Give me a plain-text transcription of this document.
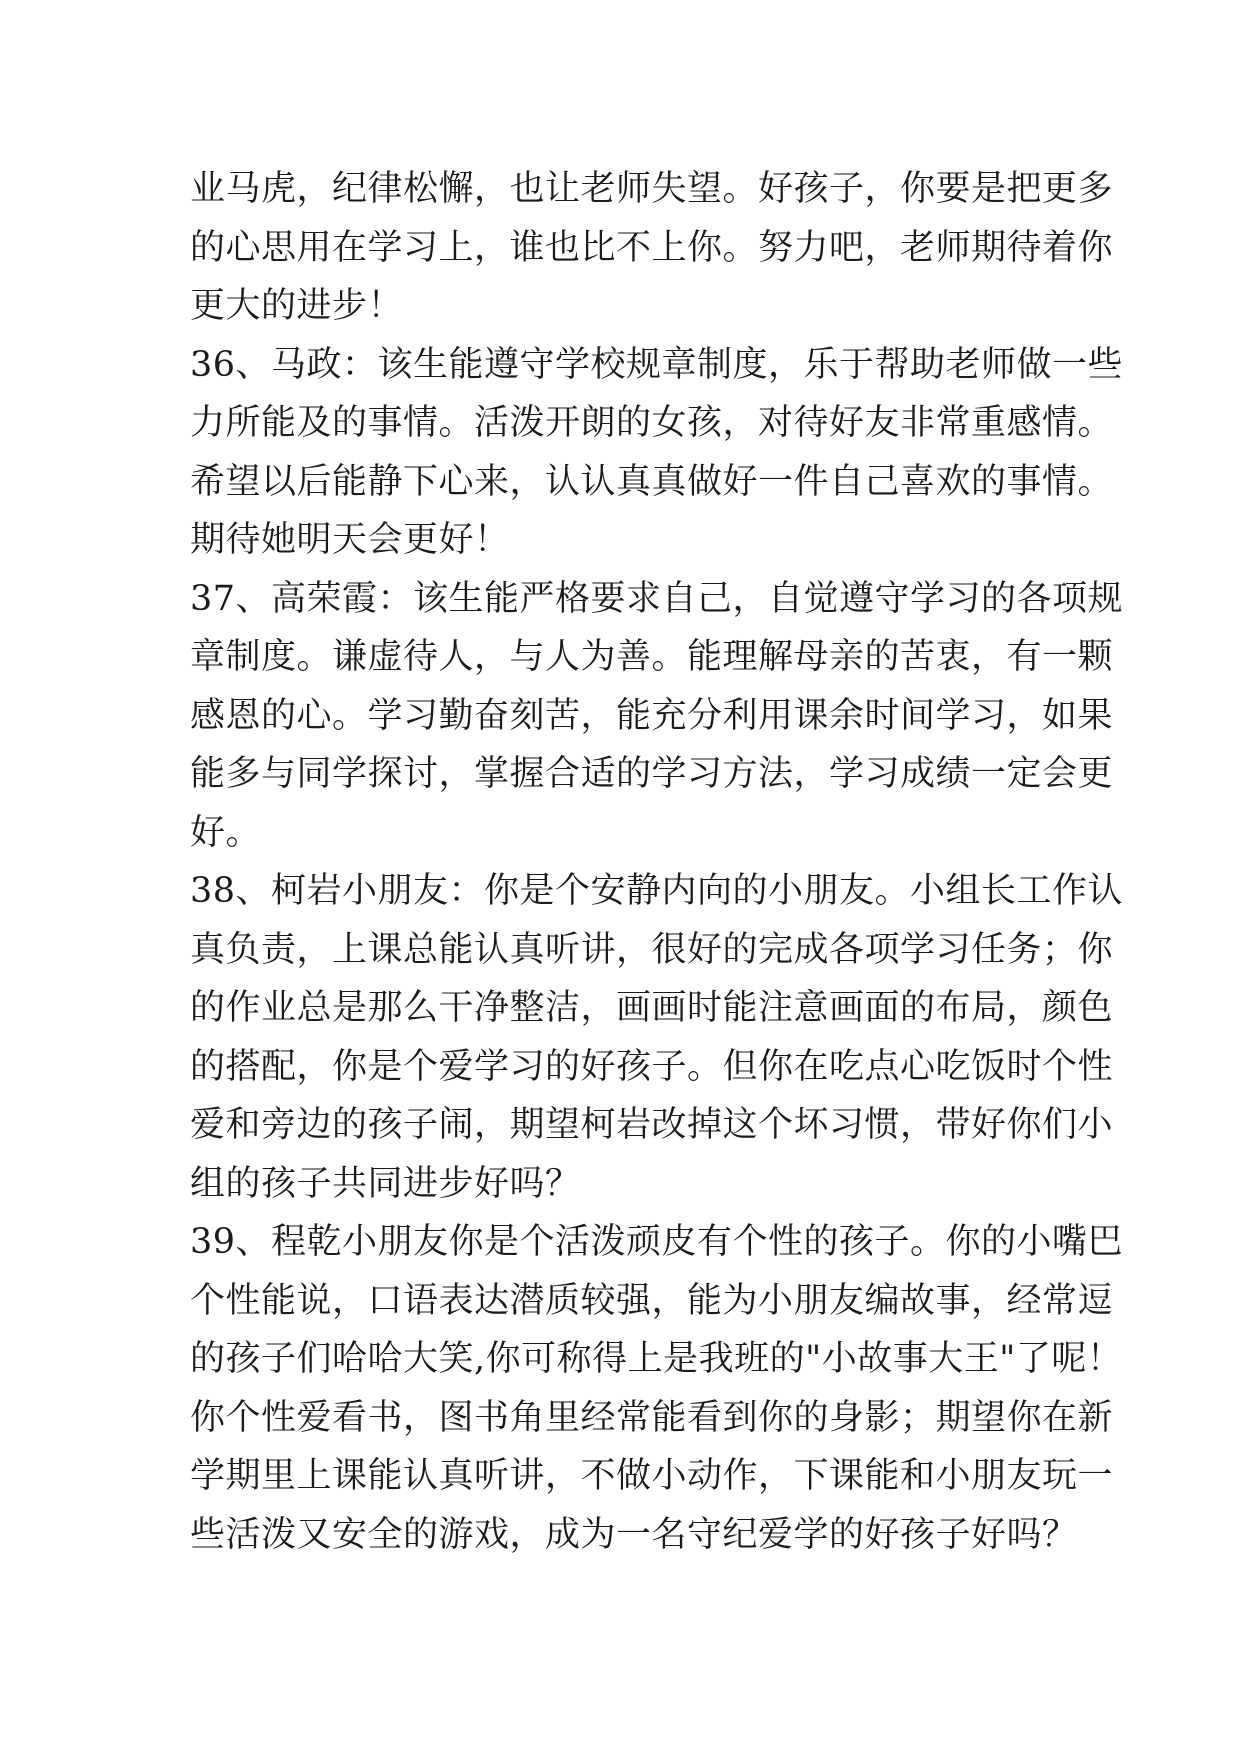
业马虎，纪律松懈，也让老师失望。好孩子，你要是把更多
的心思用在学习上，谁也比不上你。努力吧，老师期待着你
更大的进步！
36、马政：该生能遵守学校规章制度，乐于帮助老师做一些
力所能及的事情。活泼开朗的女孩，对待好友非常重感情。
希望以后能静下心来，认认真真做好一件自己喜欢的事情。
期待她明天会更好！
37、高荣霞：该生能严格要求自己，自觉遵守学习的各项规
章制度。谦虚待人，与人为善。能理解母亲的苦衷，有一颗
感恩的心。学习勤奋刻苦，能充分利用课余时间学习，如果
能多与同学探讨，掌握合适的学习方法，学习成绩一定会更
好。
38、柯岩小朋友：你是个安静内向的小朋友。小组长工作认
真负责，上课总能认真听讲，很好的完成各项学习任务；你
的作业总是那么干净整洁，画画时能注意画面的布局，颜色
的搭配，你是个爱学习的好孩子。但你在吃点心吃饭时个性
爱和旁边的孩子闹，期望柯岩改掉这个坏习惯，带好你们小
组的孩子共同进步好吗？
39、程乾小朋友你是个活泼顽皮有个性的孩子。你的小嘴巴
个性能说，口语表达潜质较强，能为小朋友编故事，经常逗
的孩子们哈哈大笑,你可称得上是我班的"小故事大王"了呢！
你个性爱看书，图书角里经常能看到你的身影；期望你在新
学期里上课能认真听讲，不做小动作，下课能和小朋友玩一
些活泼又安全的游戏，成为一名守纪爱学的好孩子好吗？
